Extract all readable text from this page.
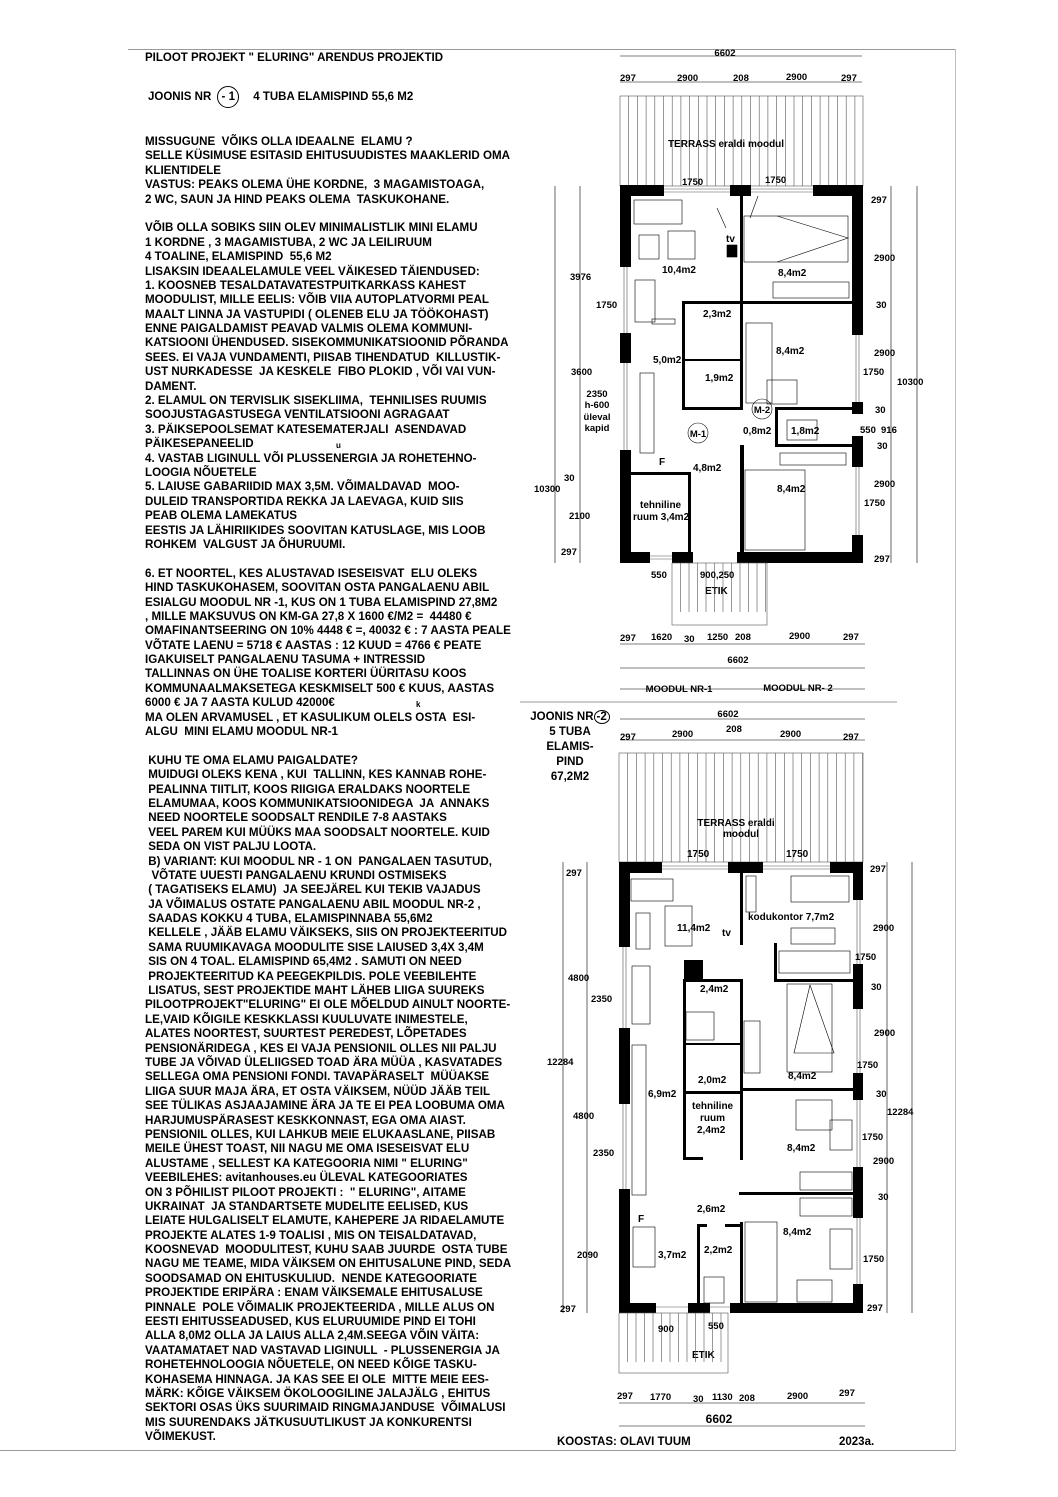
PILOOT PROJEKT " ELURING" ARENDUS PROJEKTID
JOONIS NR - 1	4 TUBA ELAMISPIND 55,6 M2
MISSUGUNE  VÕIKS OLLA IDEAALNE  ELAMU ?
SELLE KÜSIMUSE ESITASID EHITUSUUDISTES MAAKLERID OMA
KLIENTIDELE
VASTUS: PEAKS OLEMA ÜHE KORDNE,  3 MAGAMISTOAGA,
2 WC, SAUN JA HIND PEAKS OLEMA  TASKUKOHANE.
VÕIB OLLA SOBIKS SIIN OLEV MINIMALISTLIK MINI ELAMU
1 KORDNE , 3 MAGAMISTUBA, 2 WC JA LEILIRUUM
4 TOALINE, ELAMISPIND  55,6 M2
LISAKSIN IDEAALELAMULE VEEL VÄIKESED TÄIENDUSED:
1. KOOSNEB TESALDATAVATESTPUITKARKASS KAHEST
MOODULIST, MILLE EELIS: VÕIB VIIA AUTOPLATVORMI PEAL
MAALT LINNA JA VASTUPIDI ( OLENEB ELU JA TÖÖKOHAST)
ENNE PAIGALDAMIST PEAVAD VALMIS OLEMA KOMMUNI-
KATSIOONI ÜHENDUSED. SISEKOMMUNIKATSIOONID PÕRANDA
SEES. EI VAJA VUNDAMENTI, PIISAB TIHENDATUD  KILLUSTIK-
UST NURKADESSE  JA KESKELE  FIBO PLOKID , VÕI VAI VUN-
DAMENT.
2. ELAMUL ON TERVISLIK SISEKLIIMA,  TEHNILISES RUUMIS
SOOJUSTAGASTUSEGA VENTILATSIOONI AGRAGAAT
3. PÄIKSEPOOLSEMAT KATESEMATERJALI  ASENDAVAD
PÄIKESEPANEELID
4. VASTAB LIGINULL VÕI PLUSSENERGIA JA ROHETEHNO-
LOOGIA NÕUETELE
5. LAIUSE GABARIIDID MAX 3,5M. VÕIMALDAVAD  MOO-
DULEID TRANSPORTIDA REKKA JA LAEVAGA, KUID SIIS
PEAB OLEMA LAMEKATUS
EESTIS JA LÄHIRIIKIDES SOOVITAN KATUSLAGE, MIS LOOB
ROHKEM  VALGUST JA ÕHURUUMI.
6. ET NOORTEL, KES ALUSTAVAD ISESEISVAT  ELU OLEKS
HIND TASKUKOHASEM, SOOVITAN OSTA PANGALAENU ABIL
ESIALGU MOODUL NR -1, KUS ON 1 TUBA ELAMISPIND 27,8M2
, MILLE MAKSUVUS ON KM-GA 27,8 X 1600 €/M2 =  44480 €
OMAFINANTSEERING ON 10% 4448 € =, 40032 € : 7 AASTA PEALE
VÕTATE LAENU = 5718 € AASTAS : 12 KUUD = 4766 € PEATE
IGAKUISELT PANGALAENU TASUMA + INTRESSID
TALLINNAS ON ÜHE TOALISE KORTERI ÜÜRITASU KOOS
KOMMUNAALMAKSETEGA KESKMISELT 500 € KUUS, AASTAS
6000 € JA 7 AASTA KULUD 42000€
MA OLEN ARVAMUSEL , ET KASULIKUM OLELS OSTA  ESI-
ALGU  MINI ELAMU MOODUL NR-1
KUHU TE OMA ELAMU PAIGALDATE?
MUIDUGI OLEKS KENA , KUI  TALLINN, KES KANNAB ROHE-
PEALINNA TIITLIT, KOOS RIIGIGA ERALDAKS NOORTELE
ELAMUMAA, KOOS KOMMUNIKATSIOONIDEGA  JA  ANNAKS
NEED NOORTELE SOODSALT RENDILE 7-8 AASTAKS
VEEL PAREM KUI MÜÜKS MAA SOODSALT NOORTELE. KUID
SEDA ON VIST PALJU LOOTA.
B) VARIANT: KUI MOODUL NR - 1 ON  PANGALAEN TASUTUD,
VÕTATE UUESTI PANGALAENU KRUNDI OSTMISEKS
( TAGATISEKS ELAMU)  JA SEEJÄREL KUI TEKIB VAJADUS
JA VÕIMALUS OSTATE PANGALAENU ABIL MOODUL NR-2 ,
SAADAS KOKKU 4 TUBA, ELAMISPINNABA 55,6M2
KELLELE , JÄÄB ELAMU VÄIKSEKS, SIIS ON PROJEKTEERITUD
SAMA RUUMIKAVAGA MOODULITE SISE LAIUSED 3,4X 3,4M
SIS ON 4 TOAL. ELAMISPIND 65,4M2 . SAMUTI ON NEED
PROJEKTEERITUD KA PEEGEKPILDIS. POLE VEEBILEHTE
LISATUS, SEST PROJEKTIDE MAHT LÄHEB LIIGA SUUREKS
PILOOTPROJEKT"ELURING" EI OLE MÕELDUD AINULT NOORTE-
LE,VAID KÕIGILE KESKKLASSI KUULUVATE INIMESTELE,
ALATES NOORTEST, SUURTEST PEREDEST, LÕPETADES
PENSIONÄRIDEGA , KES EI VAJA PENSIONIL OLLES NII PALJU
TUBE JA VÕIVAD ÜLELIIGSED TOAD ÄRA MÜÜA , KASVATADES
SELLEGA OMA PENSIONI FONDI. TAVAPÄRASELT  MÜÜAKSE
LIIGA SUUR MAJA ÄRA, ET OSTA VÄIKSEM, NÜÜD JÄÄB TEIL
SEE TÜLIKAS ASJAAJAMINE ÄRA JA TE EI PEA LOOBUMA OMA
HARJUMUSPÄRASEST KESKKONNAST, EGA OMA AIAST.
PENSIONIL OLLES, KUI LAHKUB MEIE ELUKAASLANE, PIISAB
MEILE ÜHEST TOAST, NII NAGU ME OMA ISESEISVAT ELU
ALUSTAME , SELLEST KA KATEGOORIA NIMI " ELURING"
VEEBILEHES: avitanhouses.eu ÜLEVAL KATEGOORIATES
ON 3 PÕHILIST PILOOT PROJEKTI :  " ELURING", AITAME
UKRAINAT  JA STANDARTSETE MUDELITE EELISED, KUS
LEIATE HULGALISELT ELAMUTE, KAHEPERE JA RIDAELAMUTE
PROJEKTE ALATES 1-9 TOALISI , MIS ON TEISALDATAVAD,
KOOSNEVAD  MOODULITEST, KUHU SAAB JUURDE  OSTA TUBE
NAGU ME TEAME, MIDA VÄIKSEM ON EHITUSALUNE PIND, SEDA
SOODSAMAD ON EHITUSKULIUD.  NENDE KATEGOORIATE
PROJEKTIDE ERIPÄRA : ENAM VÄIKSEMALE EHITUSALUSE
PINNALE  POLE VÕIMALIK PROJEKTEERIDA , MILLE ALUS ON
EESTI EHITUSSEADUSED, KUS ELURUUMIDE PIND EI TOHI
ALLA 8,0M2 OLLA JA LAIUS ALLA 2,4M.SEEGA VÕIN VÄITA:
VAATAMATAET NAD VASTAVAD LIGINULL  - PLUSSENERGIA JA
ROHETEHNOLOOGIA NÕUETELE, ON NEED KÕIGE TASKU-
KOHASEMA HINNAGA. JA KAS SEE EI OLE  MITTE MEIE EES-
MÄRK: KÕIGE VÄIKSEM ÖKOLOOGILINE JALAJÄLG , EHITUS
SEKTORI OSAS ÜKS SUURIMAID RINGMAJANDUSE  VÕIMALUSI
MIS SUURENDAKS JÄTKUSUUTLIKUST JA KONKURENTSI
VÕIMEKUST.
u
k
JOONIS NR -2
5 TUBA
ELAMIS-
PIND
67,2M2
TERRASS eraldi moodul
M-1
M-2
tv
10,4m2	8,4m2
2,3m2
8,4m2
5,0m2
1,9m2
0,8m2 1,8m2
4,8m2
8,4m2
tehniline
ruum 3,4m2
F
ETIK
6602
297	2900	208	2900	297
1750	1750
3976
1750
3600
2350
h-600
üleval
kapid
30
10300
2100
297
297
2900
30
2900
1750
10300
30
550 916
30
2900
1750
297
550	900,250
297 1620 30 1250 208	2900	297
6602
MOODUL NR-1	MOODUL NR- 2
6602
297	2900	208	2900	297
TERRASS eraldi
moodul
11,4m2 tv
kodukontor 7,7m2
2,4m2
2,0m2
6,9m2
8,4m2
tehniline
ruum
2,4m2
8,4m2
2,6m2
F
3,7m2 2,2m2
8,4m2
ETIK
1750	1750
297
4800
2350
12284
4800
2350
2090
297
297
2900
1750
30
2900
1750
30
12284
1750
2900
30
1750
297
900	550
297 1770 30 1130 208	2900	297
6602
KOOSTAS: OLAVI TUUM	2023a.
